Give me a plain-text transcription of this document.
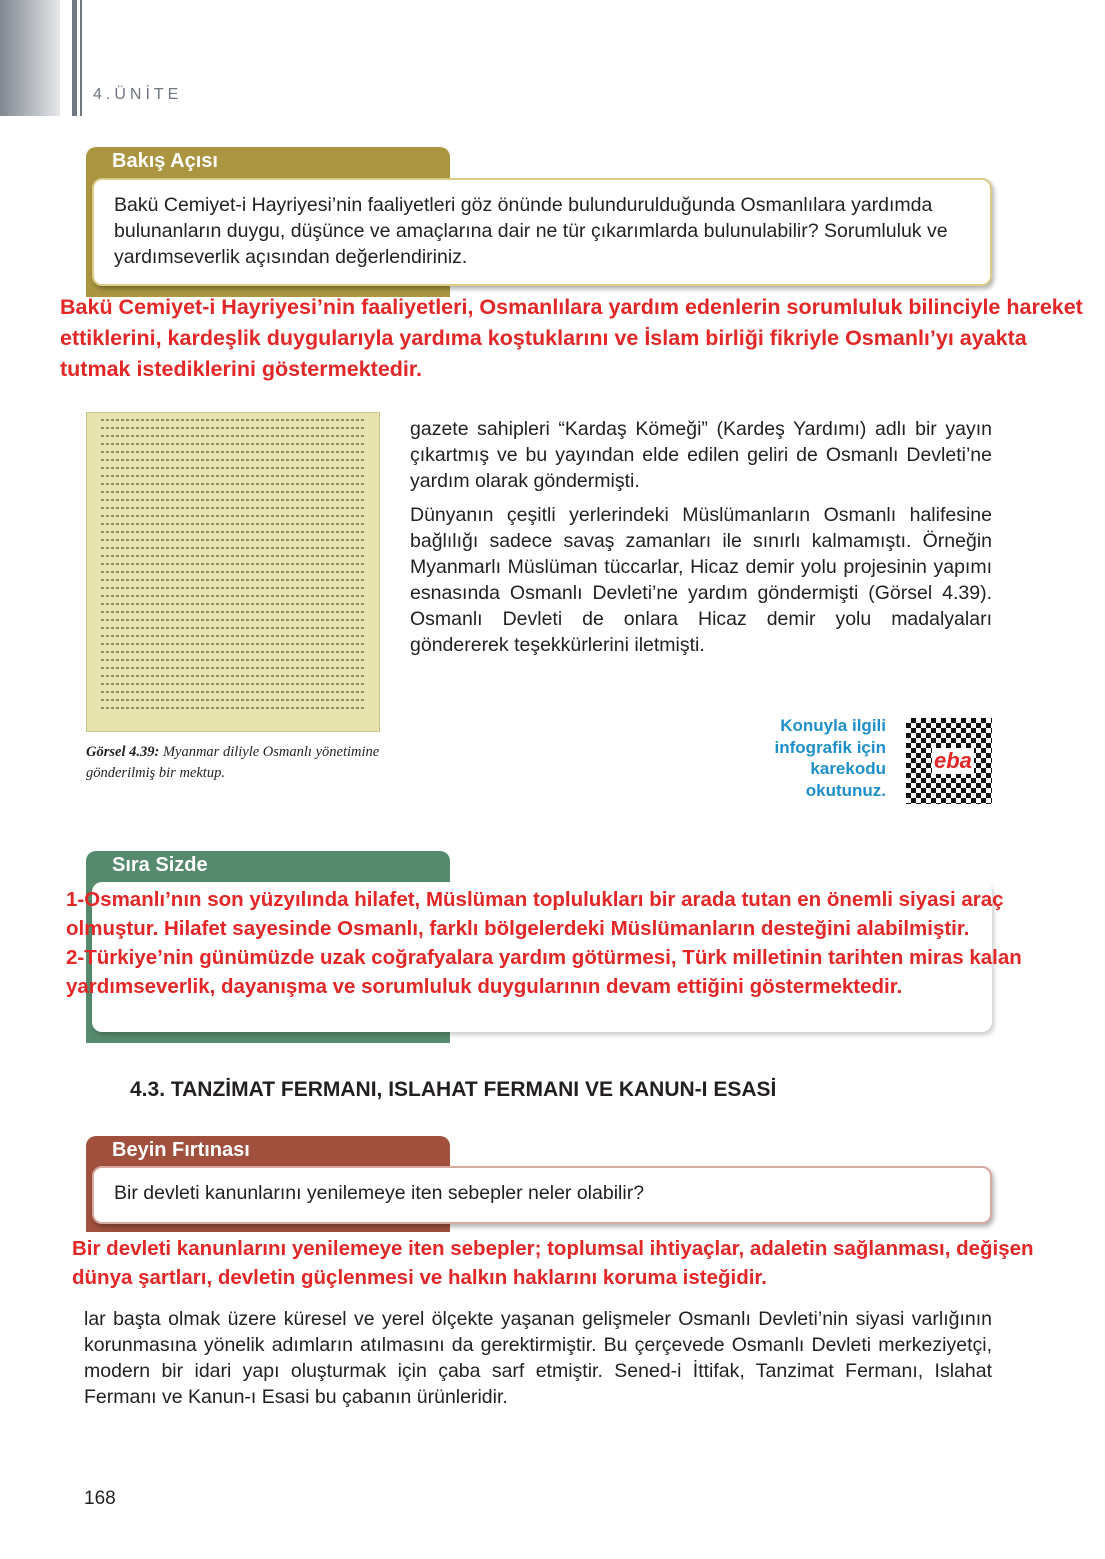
4.ÜNİTE
Bakış Açısı
Bakü Cemiyet-i Hayriyesi’nin faaliyetleri göz önünde bulundurulduğunda Osmanlılara yardımda bulunanların duygu, düşünce ve amaçlarına dair ne tür çıkarımlarda bulunulabilir? Sorumluluk ve yardımseverlik açısından değerlendiriniz.
Bakü Cemiyet-i Hayriyesi’nin faaliyetleri, Osmanlılara yardım edenlerin sorumluluk bilinciyle hareket ettiklerini, kardeşlik duygularıyla yardıma koştuklarını ve İslam birliği fikriyle Osmanlı’yı ayakta tutmak istediklerini göstermektedir.
Görsel 4.39: Myanmar diliyle Osmanlı yönetimine gönderilmiş bir mektup.

gazete sahipleri “Kardaş Kömeği” (Kardeş Yardımı) adlı bir yayın çıkartmış ve bu yayından elde edilen geliri de Osmanlı Devleti’ne yardım olarak göndermişti.

Dünyanın çeşitli yerlerindeki Müslümanların Osmanlı halifesine bağlılığı sadece savaş zamanları ile sınırlı kalmamıştı. Örneğin Myanmarlı Müslüman tüccarlar, Hicaz demir yolu projesinin yapımı esnasında Osmanlı Devleti’ne yardım göndermişti (Görsel 4.39). Osmanlı Devleti de onlara Hicaz demir yolu madalyaları göndererek teşekkürlerini iletmişti.

Konuyla ilgili infografik için karekodu okutunuz.
eba
Sıra Sizde
1-Osmanlı’nın son yüzyılında hilafet, Müslüman toplulukları bir arada tutan en önemli siyasi araç olmuştur. Hilafet sayesinde Osmanlı, farklı bölgelerdeki Müslümanların desteğini alabilmiştir.
2-Türkiye’nin günümüzde uzak coğrafyalara yardım götürmesi, Türk milletinin tarihten miras kalan yardımseverlik, dayanışma ve sorumluluk duygularının devam ettiğini göstermektedir.
4.3. TANZİMAT FERMANI, ISLAHAT FERMANI VE KANUN-I ESASİ
Beyin Fırtınası
Bir devleti kanunlarını yenilemeye iten sebepler neler olabilir?
Bir devleti kanunlarını yenilemeye iten sebepler; toplumsal ihtiyaçlar, adaletin sağlanması, değişen dünya şartları, devletin güçlenmesi ve halkın haklarını koruma isteğidir.
lar başta olmak üzere küresel ve yerel ölçekte yaşanan gelişmeler Osmanlı Devleti’nin siyasi varlığının korunmasına yönelik adımların atılmasını da gerektirmiştir. Bu çerçevede Osmanlı Devleti merkeziyetçi, modern bir idari yapı oluşturmak için çaba sarf etmiştir. Sened-i İttifak, Tanzimat Fermanı, Islahat Fermanı ve Kanun-ı Esasi bu çabanın ürünleridir.
168
